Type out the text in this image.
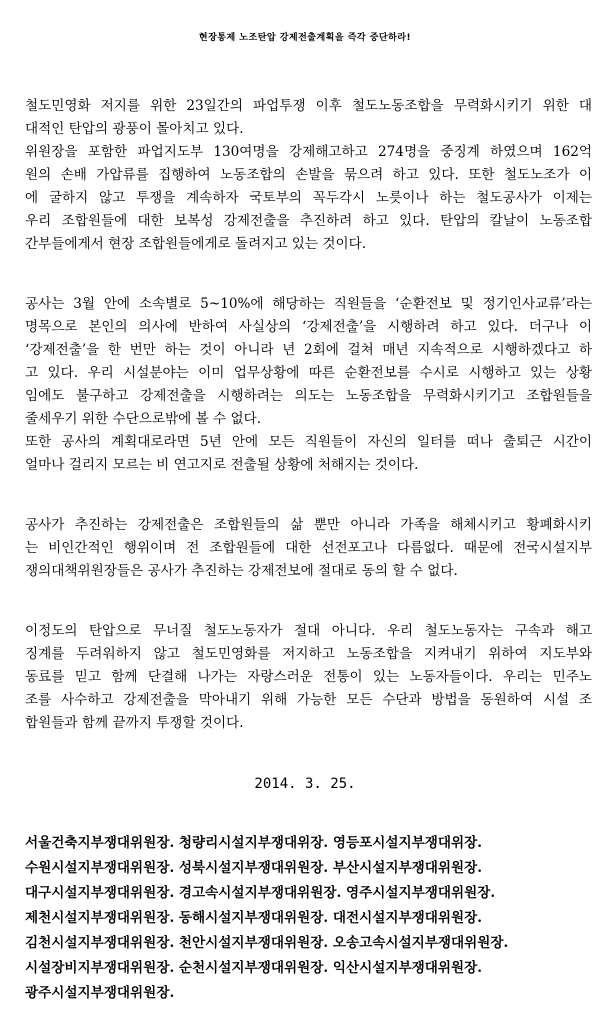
현장통제 노조탄압 강제전출계획을 즉각 중단하라!
철도민영화 저지를 위한 23일간의 파업투쟁 이후 철도노동조합을 무력화시키기 위한 대
대적인 탄압의 광풍이 몰아치고 있다.
위원장을 포함한 파업지도부 130여명을 강제해고하고 274명을 중징계 하였으며 162억
원의 손배 가압류를 집행하여 노동조합의 손발을 묶으려 하고 있다. 또한 철도노조가 이
에 굴하지 않고 투쟁을 계속하자 국토부의 꼭두각시 노릇이나 하는 철도공사가 이제는
우리 조합원들에 대한 보복성 강제전출을 추진하려 하고 있다. 탄압의 칼날이 노동조합
간부들에게서 현장 조합원들에게로 돌려지고 있는 것이다.
공사는 3월 안에 소속별로 5~10%에 해당하는 직원들을 ‘순환전보 및 정기인사교류’라는
명목으로 본인의 의사에 반하여 사실상의 ‘강제전출’을 시행하려 하고 있다. 더구나 이
‘강제전출’을 한 번만 하는 것이 아니라 년 2회에 걸쳐 매년 지속적으로 시행하겠다고 하
고 있다. 우리 시설분야는 이미 업무상황에 따른 순환전보를 수시로 시행하고 있는 상황
임에도 불구하고 강제전출을 시행하려는 의도는 노동조합을 무력화시키기고 조합원들을
줄세우기 위한 수단으로밖에 볼 수 없다.
또한 공사의 계획대로라면 5년 안에 모든 직원들이 자신의 일터를 떠나 출퇴근 시간이
얼마나 걸리지 모르는 비 연고지로 전출될 상황에 처해지는 것이다.
공사가 추진하는 강제전출은 조합원들의 삶 뿐만 아니라 가족을 해체시키고 황폐화시키
는 비인간적인 행위이며 전 조합원들에 대한 선전포고나 다름없다. 때문에 전국시설지부
쟁의대책위원장들은 공사가 추진하는 강제전보에 절대로 동의 할 수 없다.
이정도의 탄압으로 무너질 철도노동자가 절대 아니다. 우리 철도노동자는 구속과 해고
징계를 두려워하지 않고 철도민영화를 저지하고 노동조합을 지켜내기 위하여 지도부와
동료를 믿고 함께 단결해 나가는 자랑스러운 전통이 있는 노동자들이다. 우리는 민주노
조를 사수하고 강제전출을 막아내기 위해 가능한 모든 수단과 방법을 동원하여 시설 조
합원들과 함께 끝까지 투쟁할 것이다.
2014. 3. 25.
서울건축지부쟁대위원장. 청량리시설지부쟁대위장. 영등포시설지부쟁대위장.
수원시설지부쟁대위원장. 성북시설지부쟁대위원장. 부산시설지부쟁대위원장.
대구시설지부쟁대위원장. 경고속시설지부쟁대위원장. 영주시설지부쟁대위원장.
제천시설지부쟁대위원장. 동해시설지부쟁대위원장. 대전시설지부쟁대위원장.
김천시설지부쟁대위원장. 천안시설지부쟁대위원장. 오송고속시설지부쟁대위원장.
시설장비지부쟁대위원장. 순천시설지부쟁대위원장. 익산시설지부쟁대위원장.
광주시설지부쟁대위원장.
